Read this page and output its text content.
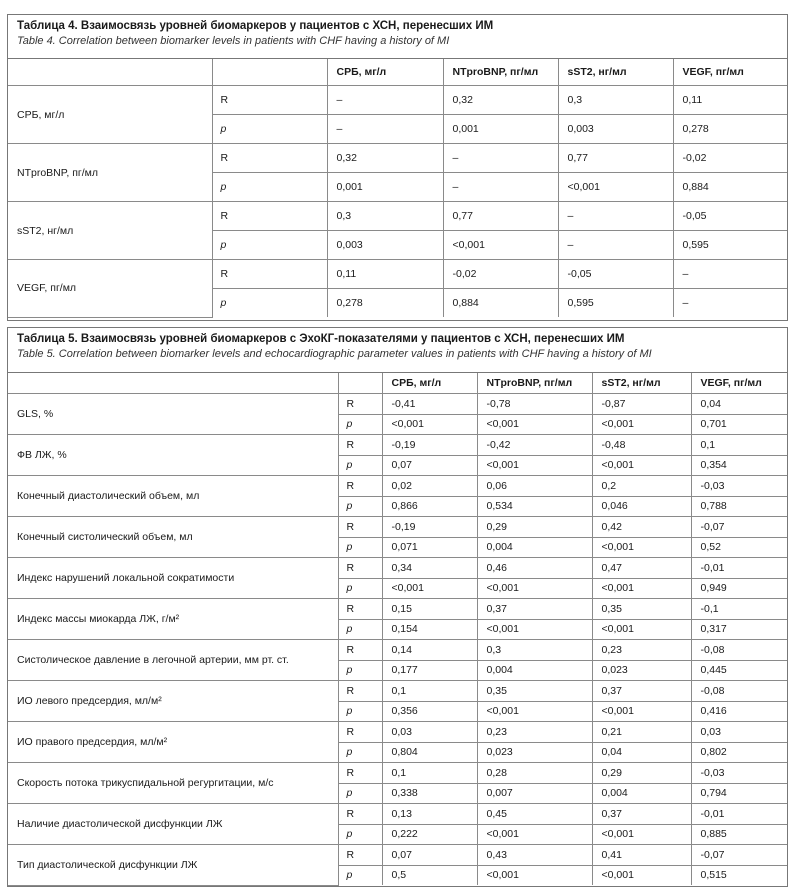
Таблица 4. Взаимосвязь уровней биомаркеров у пациентов с ХСН, перенесших ИМ
Table 4. Correlation between biomarker levels in patients with CHF having a history of MI
		СРБ, мг/л	NTproBNP, пг/мл	sST2, нг/мл	VEGF, пг/мл
СРБ, мг/л	R	–	0,32	0,3	0,11
	p	–	0,001	0,003	0,278
NTproBNP, пг/мл	R	0,32	–	0,77	-0,02
	p	0,001	–	<0,001	0,884
sST2, нг/мл	R	0,3	0,77	–	-0,05
	p	0,003	<0,001	–	0,595
VEGF, пг/мл	R	0,11	-0,02	-0,05	–
	p	0,278	0,884	0,595	–
Таблица 5. Взаимосвязь уровней биомаркеров с ЭхоКГ-показателями у пациентов с ХСН, перенесших ИМ
Table 5. Correlation between biomarker levels and echocardiographic parameter values in patients with CHF having a history of MI
		СРБ, мг/л	NTproBNP, пг/мл	sST2, нг/мл	VEGF, пг/мл
GLS, %	R	-0,41	-0,78	-0,87	0,04
	p	<0,001	<0,001	<0,001	0,701
ФВ ЛЖ, %	R	-0,19	-0,42	-0,48	0,1
	p	0,07	<0,001	<0,001	0,354
Конечный диастолический объем, мл	R	0,02	0,06	0,2	-0,03
	p	0,866	0,534	0,046	0,788
Конечный систолический объем, мл	R	-0,19	0,29	0,42	-0,07
	p	0,071	0,004	<0,001	0,52
Индекс нарушений локальной сократимости	R	0,34	0,46	0,47	-0,01
	p	<0,001	<0,001	<0,001	0,949
Индекс массы миокарда ЛЖ, г/м²	R	0,15	0,37	0,35	-0,1
	p	0,154	<0,001	<0,001	0,317
Систолическое давление в легочной артерии, мм рт. ст.	R	0,14	0,3	0,23	-0,08
	p	0,177	0,004	0,023	0,445
ИО левого предсердия, мл/м²	R	0,1	0,35	0,37	-0,08
	p	0,356	<0,001	<0,001	0,416
ИО правого предсердия, мл/м²	R	0,03	0,23	0,21	0,03
	p	0,804	0,023	0,04	0,802
Скорость потока трикуспидальной регургитации, м/с	R	0,1	0,28	0,29	-0,03
	p	0,338	0,007	0,004	0,794
Наличие диастолической дисфункции ЛЖ	R	0,13	0,45	0,37	-0,01
	p	0,222	<0,001	<0,001	0,885
Тип диастолической дисфункции ЛЖ	R	0,07	0,43	0,41	-0,07
	p	0,5	<0,001	<0,001	0,515
